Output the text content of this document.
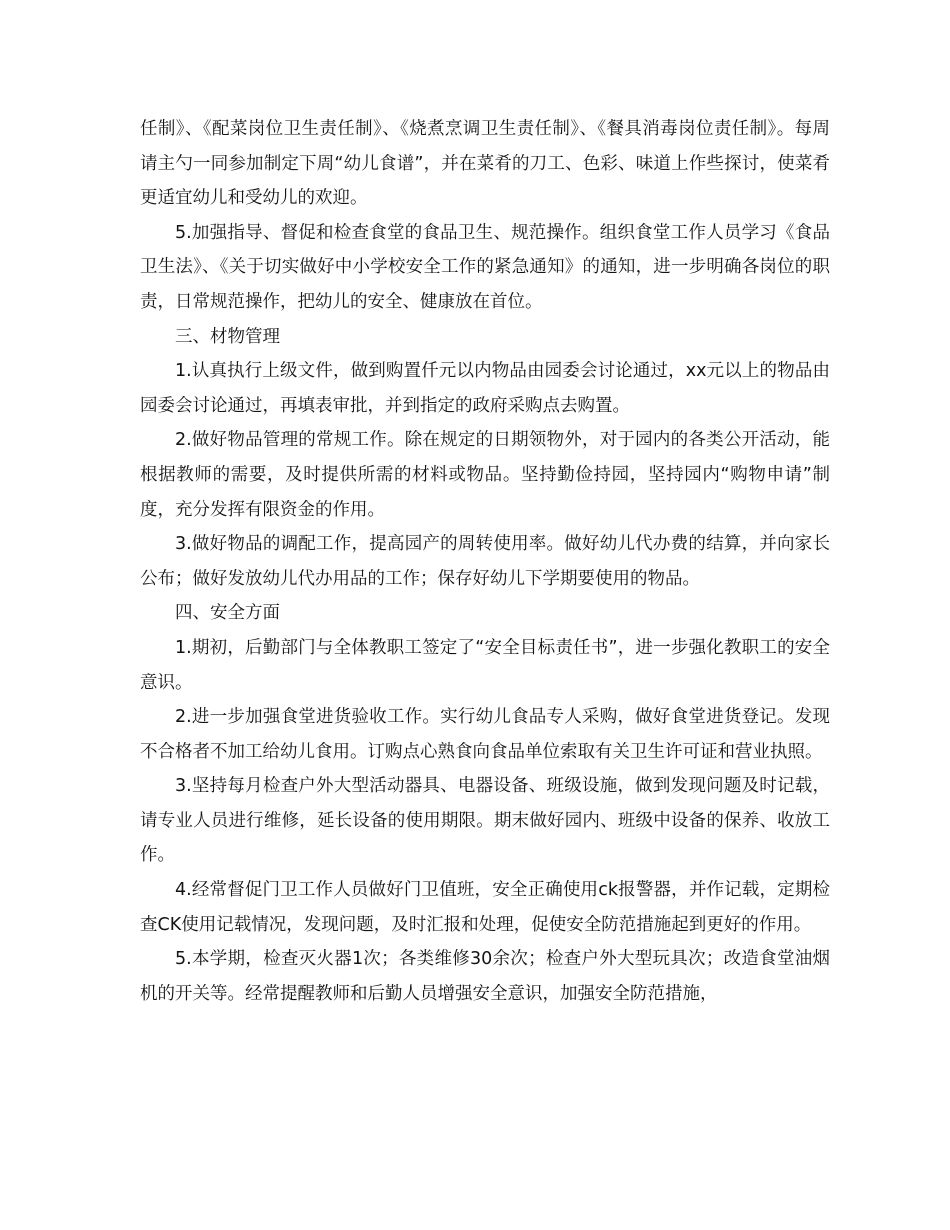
任制》、《配菜岗位卫生责任制》、《烧煮烹调卫生责任制》、《餐具消毒岗位责任制》。每周请主勺一同参加制定下周“幼儿食谱”，并在菜肴的刀工、色彩、味道上作些探讨，使菜肴更适宜幼儿和受幼儿的欢迎。

5.加强指导、督促和检查食堂的食品卫生、规范操作。组织食堂工作人员学习《食品卫生法》、《关于切实做好中小学校安全工作的紧急通知》的通知，进一步明确各岗位的职责，日常规范操作，把幼儿的安全、健康放在首位。

三、材物管理

1.认真执行上级文件，做到购置仟元以内物品由园委会讨论通过，xx元以上的物品由园委会讨论通过，再填表审批，并到指定的政府采购点去购置。

2.做好物品管理的常规工作。除在规定的日期领物外，对于园内的各类公开活动，能根据教师的需要，及时提供所需的材料或物品。坚持勤俭持园，坚持园内“购物申请”制度，充分发挥有限资金的作用。

3.做好物品的调配工作，提高园产的周转使用率。做好幼儿代办费的结算，并向家长公布；做好发放幼儿代办用品的工作；保存好幼儿下学期要使用的物品。

四、安全方面

1.期初，后勤部门与全体教职工签定了“安全目标责任书”，进一步强化教职工的安全意识。

2.进一步加强食堂进货验收工作。实行幼儿食品专人采购，做好食堂进货登记。发现不合格者不加工给幼儿食用。订购点心熟食向食品单位索取有关卫生许可证和营业执照。

3.坚持每月检查户外大型活动器具、电器设备、班级设施，做到发现问题及时记载，请专业人员进行维修，延长设备的使用期限。期末做好园内、班级中设备的保养、收放工作。

4.经常督促门卫工作人员做好门卫值班，安全正确使用ck报警器，并作记载，定期检查CK使用记载情况，发现问题，及时汇报和处理，促使安全防范措施起到更好的作用。

5.本学期，检查灭火器1次；各类维修30余次；检查户外大型玩具次；改造食堂油烟机的开关等。经常提醒教师和后勤人员增强安全意识，加强安全防范措施，
